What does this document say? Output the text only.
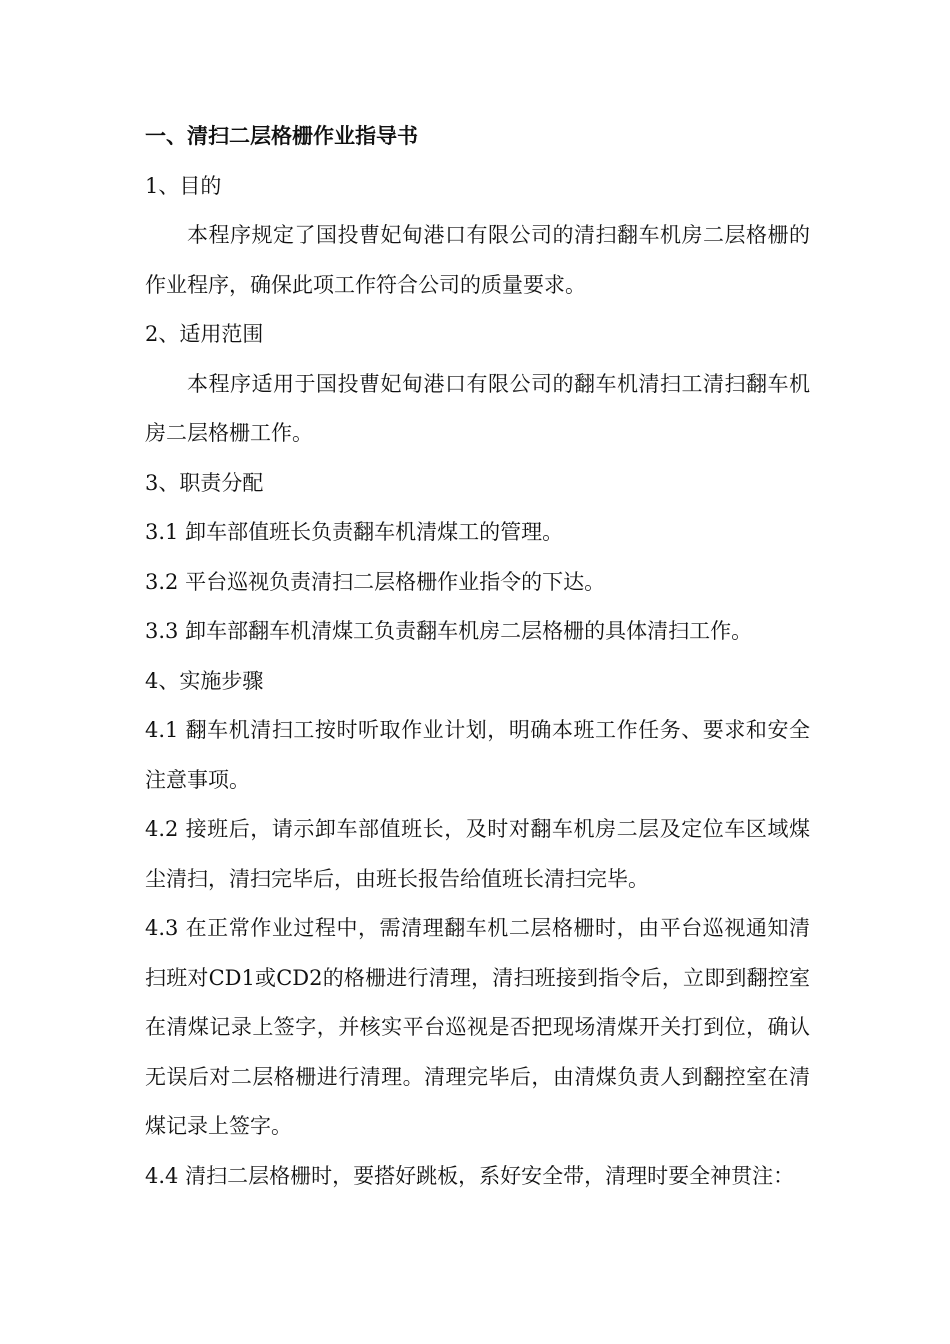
一、清扫二层格栅作业指导书

1、目的

本程序规定了国投曹妃甸港口有限公司的清扫翻车机房二层格栅的作业程序，确保此项工作符合公司的质量要求。

2、适用范围

本程序适用于国投曹妃甸港口有限公司的翻车机清扫工清扫翻车机房二层格栅工作。

3、职责分配

3.1 卸车部值班长负责翻车机清煤工的管理。

3.2 平台巡视负责清扫二层格栅作业指令的下达。

3.3 卸车部翻车机清煤工负责翻车机房二层格栅的具体清扫工作。

4、实施步骤

4.1 翻车机清扫工按时听取作业计划，明确本班工作任务、要求和安全注意事项。

4.2 接班后，请示卸车部值班长，及时对翻车机房二层及定位车区域煤尘清扫，清扫完毕后，由班长报告给值班长清扫完毕。

4.3 在正常作业过程中，需清理翻车机二层格栅时，由平台巡视通知清扫班对CD1或CD2的格栅进行清理，清扫班接到指令后，立即到翻控室在清煤记录上签字，并核实平台巡视是否把现场清煤开关打到位，确认无误后对二层格栅进行清理。清理完毕后，由清煤负责人到翻控室在清煤记录上签字。

4.4 清扫二层格栅时，要搭好跳板，系好安全带，清理时要全神贯注：
